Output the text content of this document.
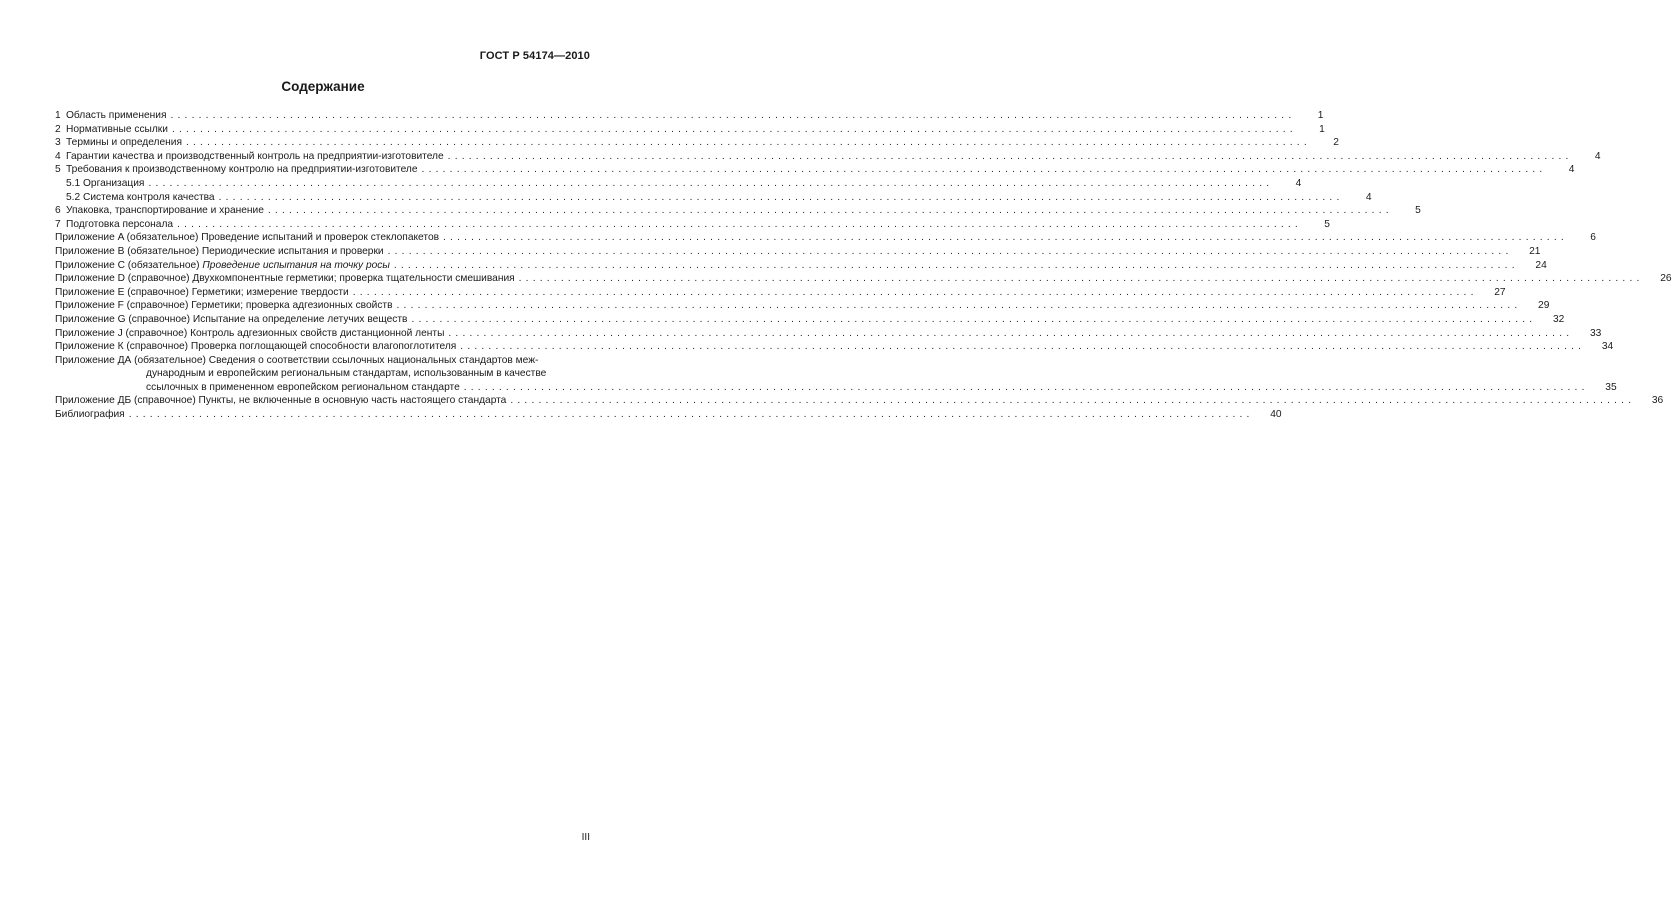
ГОСТ Р 54174—2010
Содержание
1 Область применения ................................................................................................................................................................	1
2 Нормативные ссылки ................................................................................................................................................................	1
3 Термины и определения ................................................................................................................................................................	2
4 Гарантии качества и производственный контроль на предприятии-изготовителе ................................................................................................................................................................	4
5 Требования к производственному контролю на предприятии-изготовителе ................................................................................................................................................................	4
5.1 Организация ................................................................................................................................................................	4
5.2 Система контроля качества ................................................................................................................................................................	4
6 Упаковка, транспортирование и хранение ................................................................................................................................................................	5
7 Подготовка персонала ................................................................................................................................................................	5
Приложение A (обязательное) Проведение испытаний и проверок стеклопакетов ................................................................................................................................................................	6
Приложение B (обязательное) Периодические испытания и проверки ................................................................................................................................................................	21
Приложение С (обязательное) Проведение испытания на точку росы ................................................................................................................................................................	24
Приложение D (справочное) Двухкомпонентные герметики; проверка тщательности смешивания ................................................................................................................................................................	26
Приложение E (справочное) Герметики; измерение твердости ................................................................................................................................................................	27
Приложение F (справочное) Герметики; проверка адгезионных свойств ................................................................................................................................................................	29
Приложение G (справочное) Испытание на определение летучих веществ ................................................................................................................................................................	32
Приложение J (справочное) Контроль адгезионных свойств дистанционной ленты ................................................................................................................................................................	33
Приложение К (справочное) Проверка поглощающей способности влагопоглотителя ................................................................................................................................................................	34
Приложение ДА (обязательное) Сведения о соответствии ссылочных национальных стандартов меж-
дународным и европейским региональным стандартам, использованным в качестве
ссылочных в примененном европейском региональном стандарте ................................................................................................................................................................	35
Приложение ДБ (справочное) Пункты, не включенные в основную часть настоящего стандарта ................................................................................................................................................................	36
Библиография ................................................................................................................................................................	40
III
